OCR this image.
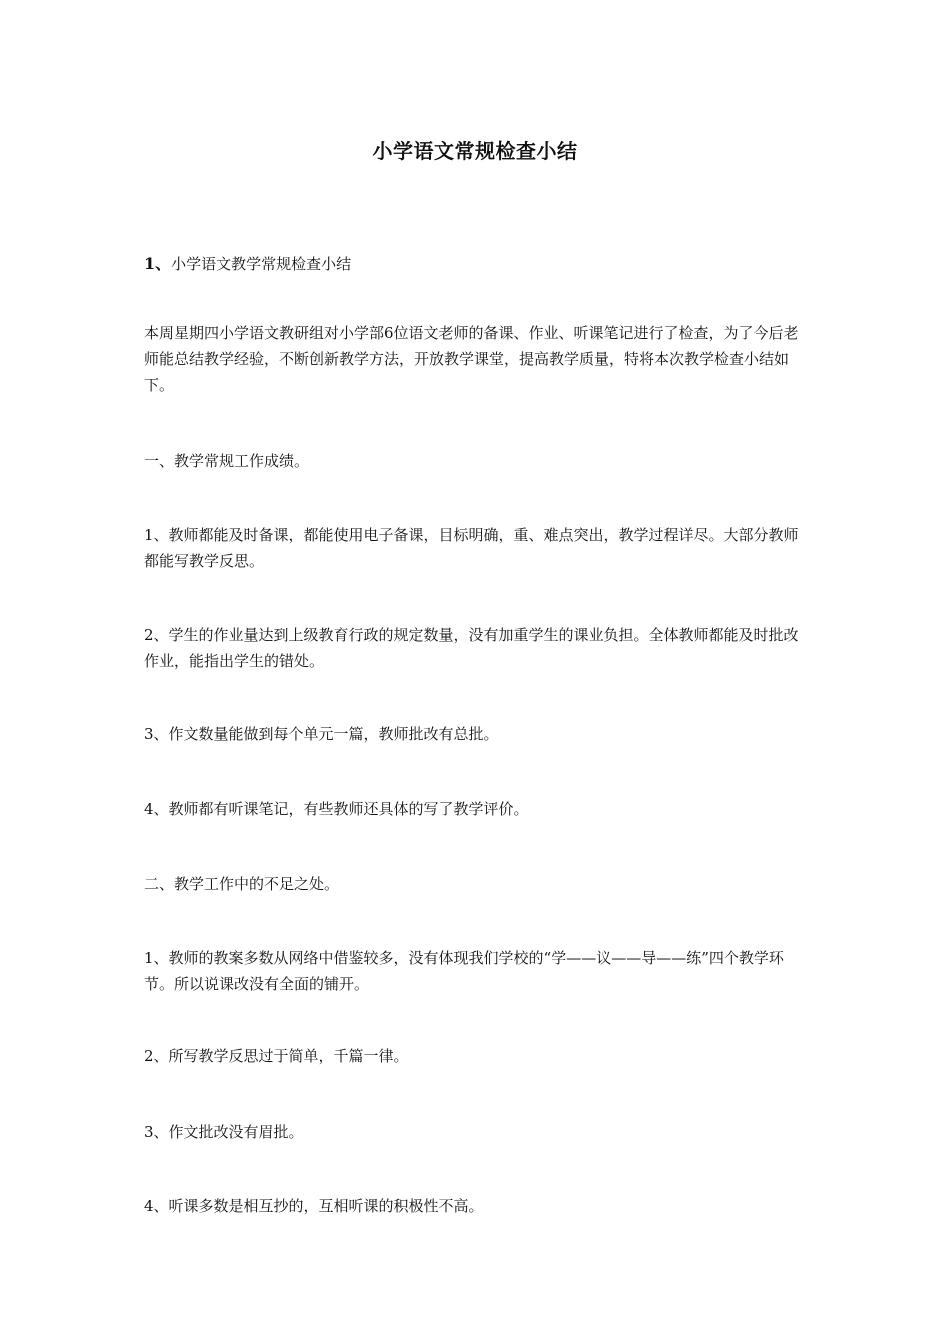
小学语文常规检查小结

1、小学语文教学常规检查小结

本周星期四小学语文教研组对小学部6位语文老师的备课、作业、听课笔记进行了检查，为了今后老师能总结教学经验，不断创新教学方法，开放教学课堂，提高教学质量，特将本次教学检查小结如下。

一、教学常规工作成绩。

1、教师都能及时备课，都能使用电子备课，目标明确，重、难点突出，教学过程详尽。大部分教师都能写教学反思。

2、学生的作业量达到上级教育行政的规定数量，没有加重学生的课业负担。全体教师都能及时批改作业，能指出学生的错处。

3、作文数量能做到每个单元一篇，教师批改有总批。

4、教师都有听课笔记，有些教师还具体的写了教学评价。

二、教学工作中的不足之处。

1、教师的教案多数从网络中借鉴较多，没有体现我们学校的“学——议——导——练”四个教学环节。所以说课改没有全面的铺开。

2、所写教学反思过于简单，千篇一律。

3、作文批改没有眉批。

4、听课多数是相互抄的，互相听课的积极性不高。
